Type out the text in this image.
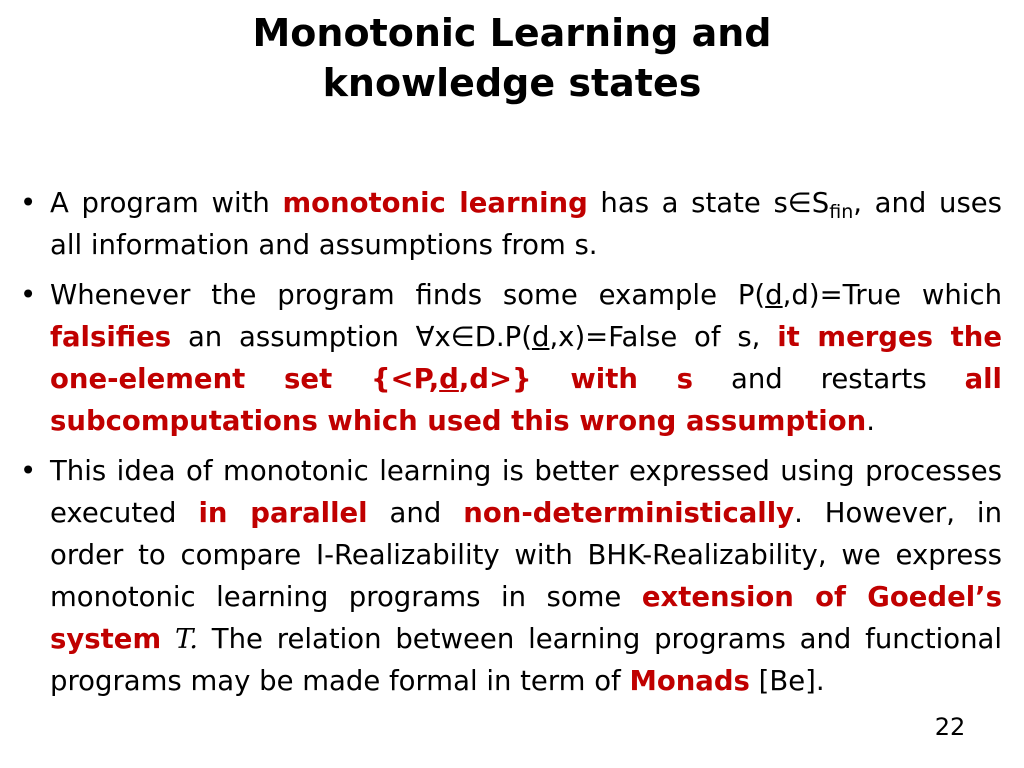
Monotonic Learning and
knowledge states
• A program with monotonic learning has a state $s\in S_{fin}$, and uses all information and assumptions from s.
• Whenever the program finds some example P(d,d)=True which falsifies an assumption ∀x∈D.P(d,x)=False of s, it merges the one-element set {<P,d,d>} with s and restarts all subcomputations which used this wrong assumption.
• This idea of monotonic learning is better expressed using processes executed in parallel and non-deterministically. However, in order to compare I-Realizability with BHK-Realizability, we express monotonic learning programs in some extension of Goedel’s system T. The relation between learning programs and functional programs may be made formal in term of Monads [Be].
22
